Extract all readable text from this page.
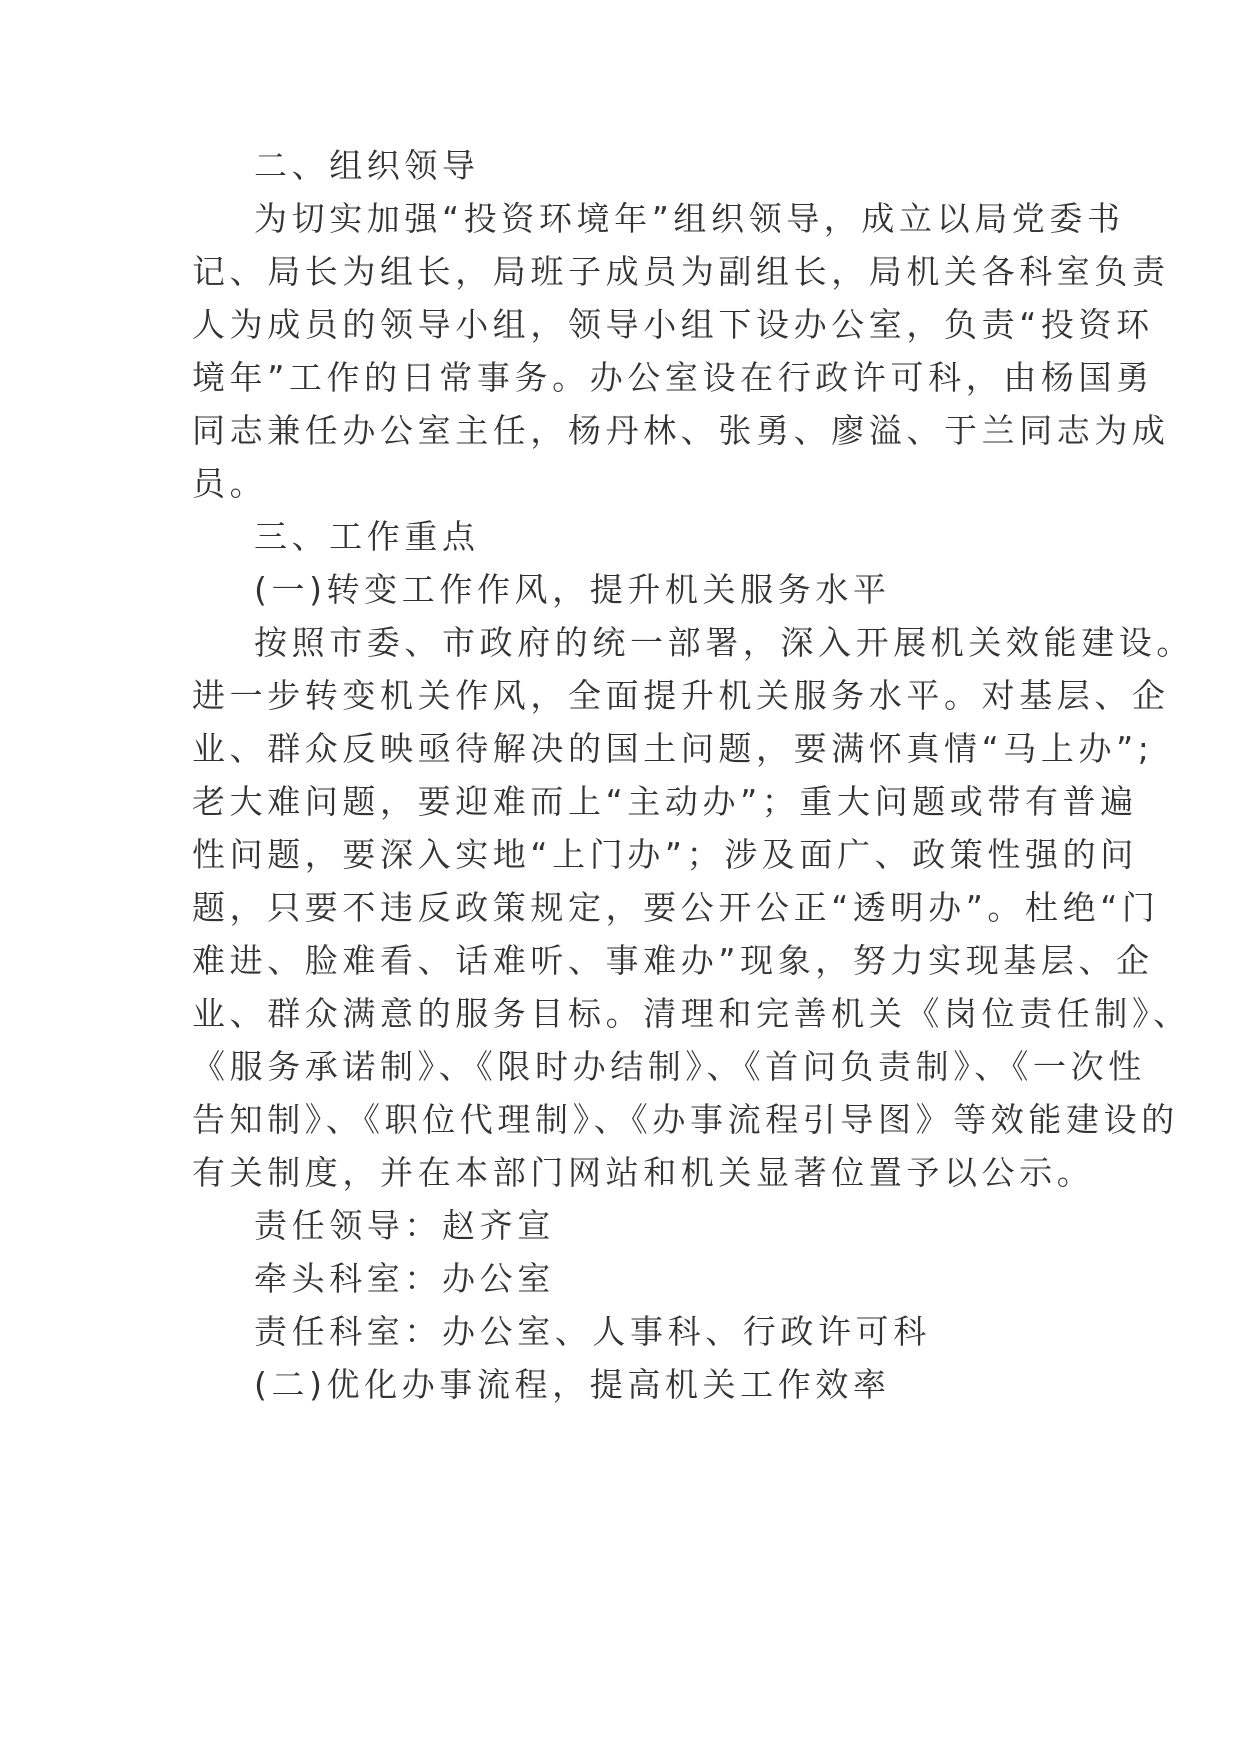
二、组织领导
为切实加强“投资环境年”组织领导，成立以局党委书
记、局长为组长，局班子成员为副组长，局机关各科室负责
人为成员的领导小组，领导小组下设办公室，负责“投资环
境年”工作的日常事务。办公室设在行政许可科，由杨国勇
同志兼任办公室主任，杨丹林、张勇、廖溢、于兰同志为成
员。
三、工作重点
(一)转变工作作风，提升机关服务水平
按照市委、市政府的统一部署，深入开展机关效能建设。
进一步转变机关作风，全面提升机关服务水平。对基层、企
业、群众反映亟待解决的国土问题，要满怀真情“马上办”;
老大难问题，要迎难而上“主动办”；重大问题或带有普遍
性问题，要深入实地“上门办”；涉及面广、政策性强的问
题，只要不违反政策规定，要公开公正“透明办”。杜绝“门
难进、脸难看、话难听、事难办”现象，努力实现基层、企
业、群众满意的服务目标。清理和完善机关《岗位责任制》、
《服务承诺制》、《限时办结制》、《首问负责制》、《一次性
告知制》、《职位代理制》、《办事流程引导图》等效能建设的
有关制度，并在本部门网站和机关显著位置予以公示。
责任领导：赵齐宣
牵头科室：办公室
责任科室：办公室、人事科、行政许可科
(二)优化办事流程，提高机关工作效率
